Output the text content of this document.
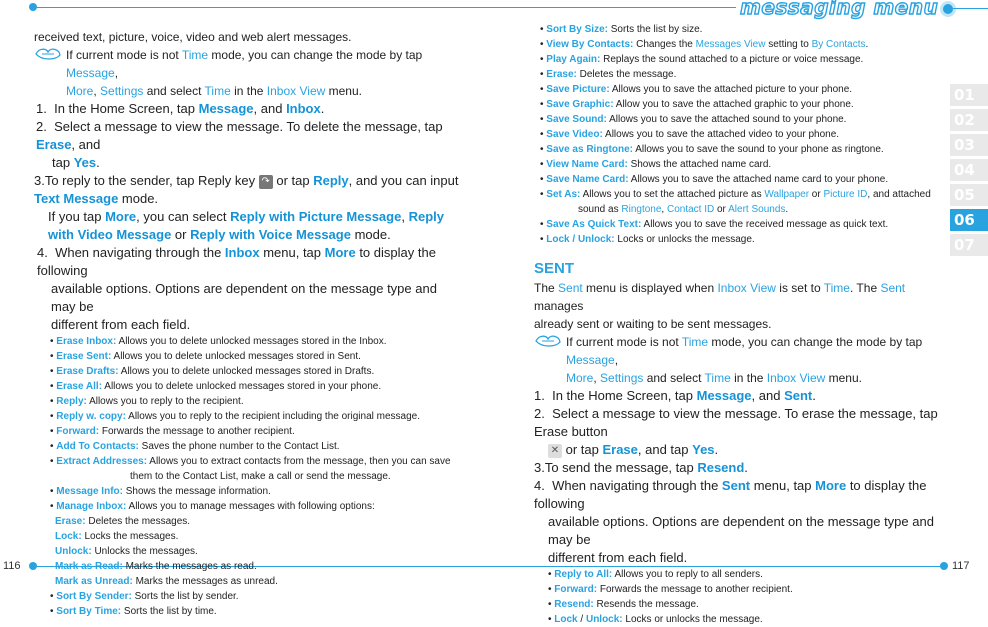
messaging menu
116	117
01
02
03
04
05
06
07
received text, picture, voice, video and web alert messages.
If current mode is not Time mode, you can change the mode by tap Message,
More, Settings and select Time in the Inbox View menu.
1. In the Home Screen, tap Message, and Inbox.
2. Select a message to view the message. To delete the message, tap Erase, and
tap Yes.
3.To reply to the sender, tap Reply key ↷ or tap Reply, and you can input Text Message mode.
If you tap More, you can select Reply with Picture Message, Reply with Video Message or Reply with Voice Message mode.
4. When navigating through the Inbox menu, tap More to display the following
available options. Options are dependent on the message type and may be
different from each field.
• Erase Inbox: Allows you to delete unlocked messages stored in the Inbox.
• Erase Sent: Allows you to delete unlocked messages stored in Sent.
• Erase Drafts: Allows you to delete unlocked messages stored in Drafts.
• Erase All: Allows you to delete unlocked messages stored in your phone.
• Reply: Allows you to reply to the recipient.
• Reply w. copy: Allows you to reply to the recipient including the original message.
• Forward: Forwards the message to another recipient.
• Add To Contacts: Saves the phone number to the Contact List.
• Extract Addresses: Allows you to extract contacts from the message, then you can save
them to the Contact List, make a call or send the message.
• Message Info: Shows the message information.
• Manage Inbox: Allows you to manage messages with following options:
Erase: Deletes the messages.
Lock: Locks the messages.
Unlock: Unlocks the messages.
Mark as Read: Marks the messages as read.
Mark as Unread: Marks the messages as unread.
• Sort By Sender: Sorts the list by sender.
• Sort By Time: Sorts the list by time.
• Sort By Size: Sorts the list by size.
• View By Contacts: Changes the Messages View setting to By Contacts.
• Play Again: Replays the sound attached to a picture or voice message.
• Erase: Deletes the message.
• Save Picture: Allows you to save the attached picture to your phone.
• Save Graphic: Allow you to save the attached graphic to your phone.
• Save Sound: Allows you to save the attached sound to your phone.
• Save Video: Allows you to save the attached video to your phone.
• Save as Ringtone: Allows you to save the sound to your phone as ringtone.
• View Name Card: Shows the attached name card.
• Save Name Card: Allows you to save the attached name card to your phone.
• Set As: Allows you to set the attached picture as Wallpaper or Picture ID, and attached
sound as Ringtone, Contact ID or Alert Sounds.
• Save As Quick Text: Allows you to save the received message as quick text.
• Lock / Unlock: Locks or unlocks the message.
SENT
The Sent menu is displayed when Inbox View is set to Time. The Sent manages
already sent or waiting to be sent messages.
If current mode is not Time mode, you can change the mode by tap Message,
More, Settings and select Time in the Inbox View menu.
1. In the Home Screen, tap Message, and Sent.
2. Select a message to view the message. To erase the message, tap Erase button
✕ or tap Erase, and tap Yes.
3.To send the message, tap Resend.
4. When navigating through the Sent menu, tap More to display the following
available options. Options are dependent on the message type and may be
different from each field.
• Reply to All: Allows you to reply to all senders.
• Forward: Forwards the message to another recipient.
• Resend: Resends the message.
• Lock / Unlock: Locks or unlocks the message.
